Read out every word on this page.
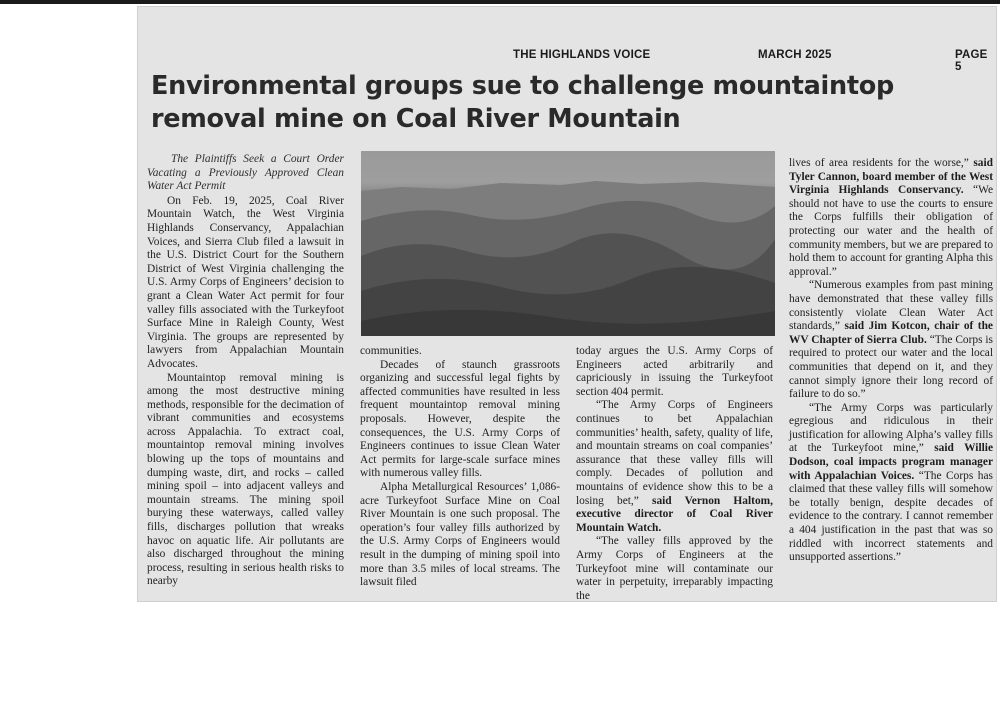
THE HIGHLANDS VOICE	MARCH 2025	PAGE 5
Environmental groups sue to challenge mountaintop removal mine on Coal River Mountain

The Plaintiffs Seek a Court Order Vacating a Previously Approved Clean Water Act Permit

On Feb. 19, 2025, Coal River Mountain Watch, the West Virginia Highlands Conservancy, Appalachian Voices, and Sierra Club filed a lawsuit in the U.S. District Court for the Southern District of West Virginia challenging the U.S. Army Corps of Engineers’ decision to grant a Clean Water Act permit for four valley fills associated with the Turkeyfoot Surface Mine in Raleigh County, West Virginia. The groups are represented by lawyers from Appalachian Mountain Advocates.

Mountaintop removal mining is among the most destructive mining methods, responsible for the decimation of vibrant communities and ecosystems across Appalachia. To extract coal, mountaintop removal mining involves blowing up the tops of mountains and dumping waste, dirt, and rocks – called mining spoil – into adjacent valleys and mountain streams. The mining spoil burying these waterways, called valley fills, discharges pollution that wreaks havoc on aquatic life. Air pollutants are also discharged throughout the mining process, resulting in serious health risks to nearby

communities.

Decades of staunch grassroots organizing and successful legal fights by affected communities have resulted in less frequent mountaintop removal mining proposals. However, despite the consequences, the U.S. Army Corps of Engineers continues to issue Clean Water Act permits for large-scale surface mines with numerous valley fills.

Alpha Metallurgical Resources’ 1,086-acre Turkeyfoot Surface Mine on Coal River Mountain is one such proposal. The operation’s four valley fills authorized by the U.S. Army Corps of Engineers would result in the dumping of mining spoil into more than 3.5 miles of local streams. The lawsuit filed

today argues the U.S. Army Corps of Engineers acted arbitrarily and capriciously in issuing the Turkeyfoot section 404 permit.

“The Army Corps of Engineers continues to bet Appalachian communities’ health, safety, quality of life, and mountain streams on coal companies’ assurance that these valley fills will comply. Decades of pollution and mountains of evidence show this to be a losing bet,” said Vernon Haltom, executive director of Coal River Mountain Watch.

“The valley fills approved by the Army Corps of Engineers at the Turkeyfoot mine will contaminate our water in perpetuity, irreparably impacting the

lives of area residents for the worse,” said Tyler Cannon, board member of the West Virginia Highlands Conservancy. “We should not have to use the courts to ensure the Corps fulfills their obligation of protecting our water and the health of community members, but we are prepared to hold them to account for granting Alpha this approval.”

“Numerous examples from past mining have demonstrated that these valley fills consistently violate Clean Water Act standards,” said Jim Kotcon, chair of the WV Chapter of Sierra Club. “The Corps is required to protect our water and the local communities that depend on it, and they cannot simply ignore their long record of failure to do so.”

“The Army Corps was particularly egregious and ridiculous in their justification for allowing Alpha’s valley fills at the Turkeyfoot mine,” said Willie Dodson, coal impacts program manager with Appalachian Voices. “The Corps has claimed that these valley fills will somehow be totally benign, despite decades of evidence to the contrary. I cannot remember a 404 justification in the past that was so riddled with incorrect statements and unsupported assertions.”
